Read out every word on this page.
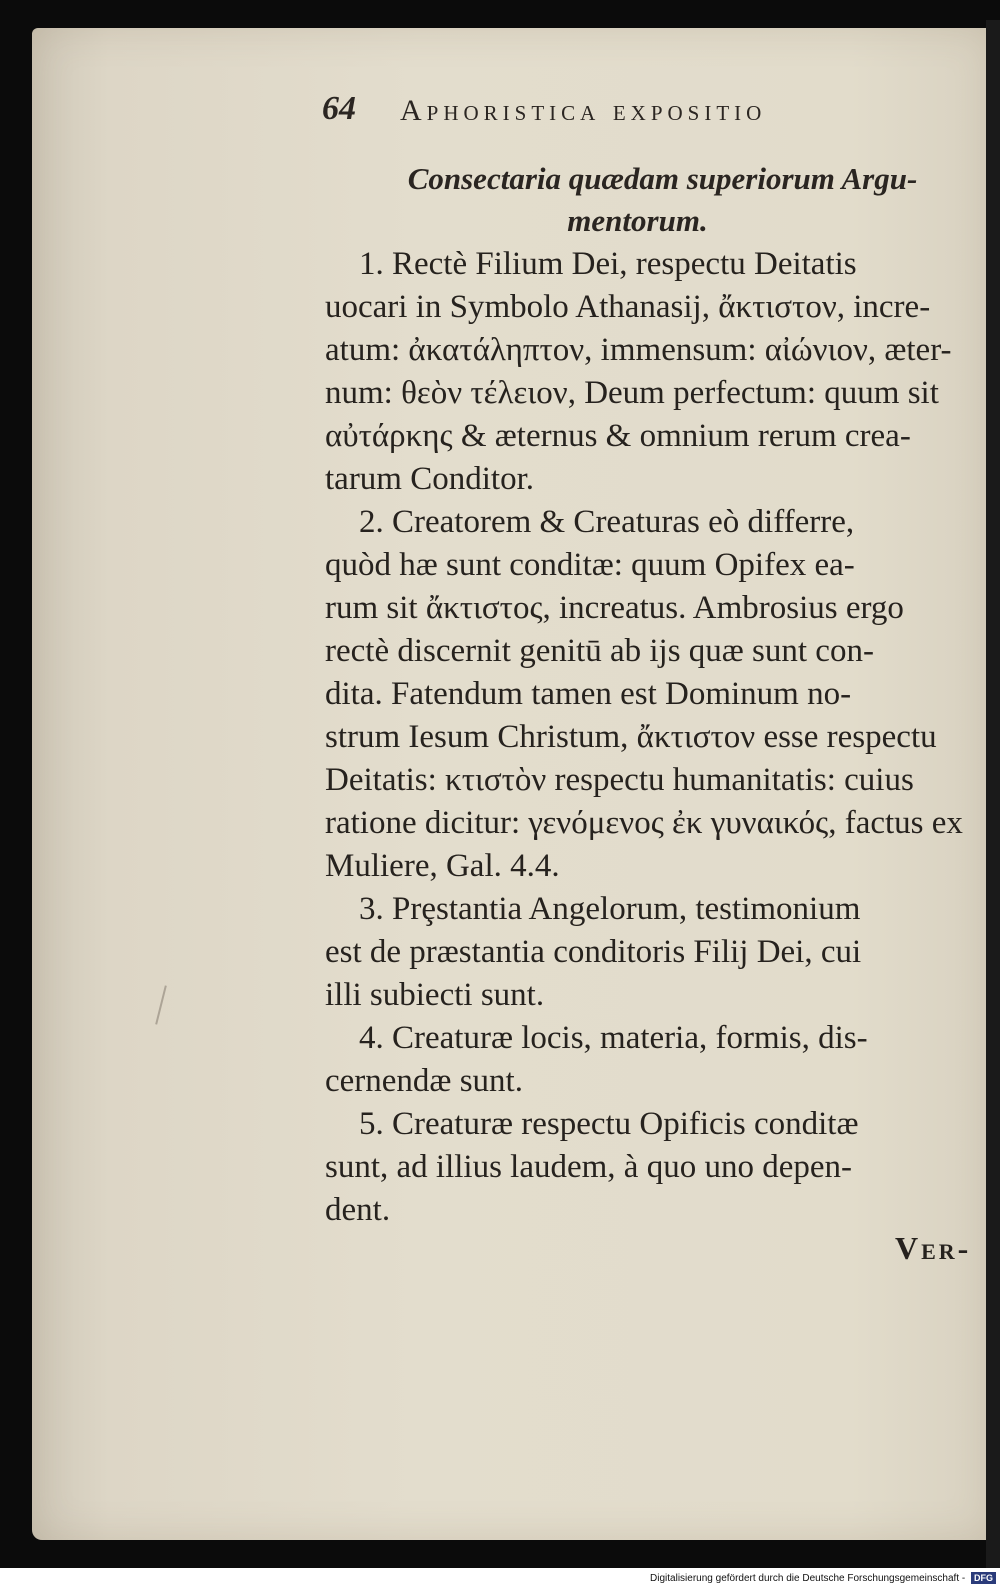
64 Aphoristica expositio
Consectaria quædam superiorum Argu-
mentorum.
1. Rectè Filium Dei, respectu Deitatis
uocari in Symbolo Athanasij, ἄκτιστον, incre-
atum: ἀκατάληπτον, immensum: αἰώνιον, æter-
num: θεὸν τέλειον, Deum perfectum: quum sit
αὐτάρκης & æternus & omnium rerum crea-
tarum Conditor.
2. Creatorem & Creaturas eò differre,
quòd hæ sunt conditæ: quum Opifex ea-
rum sit ἄκτιστος, increatus. Ambrosius ergo
rectè discernit genitū ab ijs quæ sunt con-
dita. Fatendum tamen est Dominum no-
strum Iesum Christum, ἄκτιστον esse respectu
Deitatis: κτιστὸν respectu humanitatis: cuius
ratione dicitur: γενόμενος ἐκ γυναικός, factus ex
Muliere, Gal. 4.4.
3. Prȩstantia Angelorum, testimonium
est de præstantia conditoris Filij Dei, cui
illi subiecti sunt.
4. Creaturæ locis, materia, formis, dis-
cernendæ sunt.
5. Creaturæ respectu Opificis conditæ
sunt, ad illius laudem, à quo uno depen-
dent.
Ver-
Digitalisierung gefördert durch die Deutsche Forschungsgemeinschaft - DFG
